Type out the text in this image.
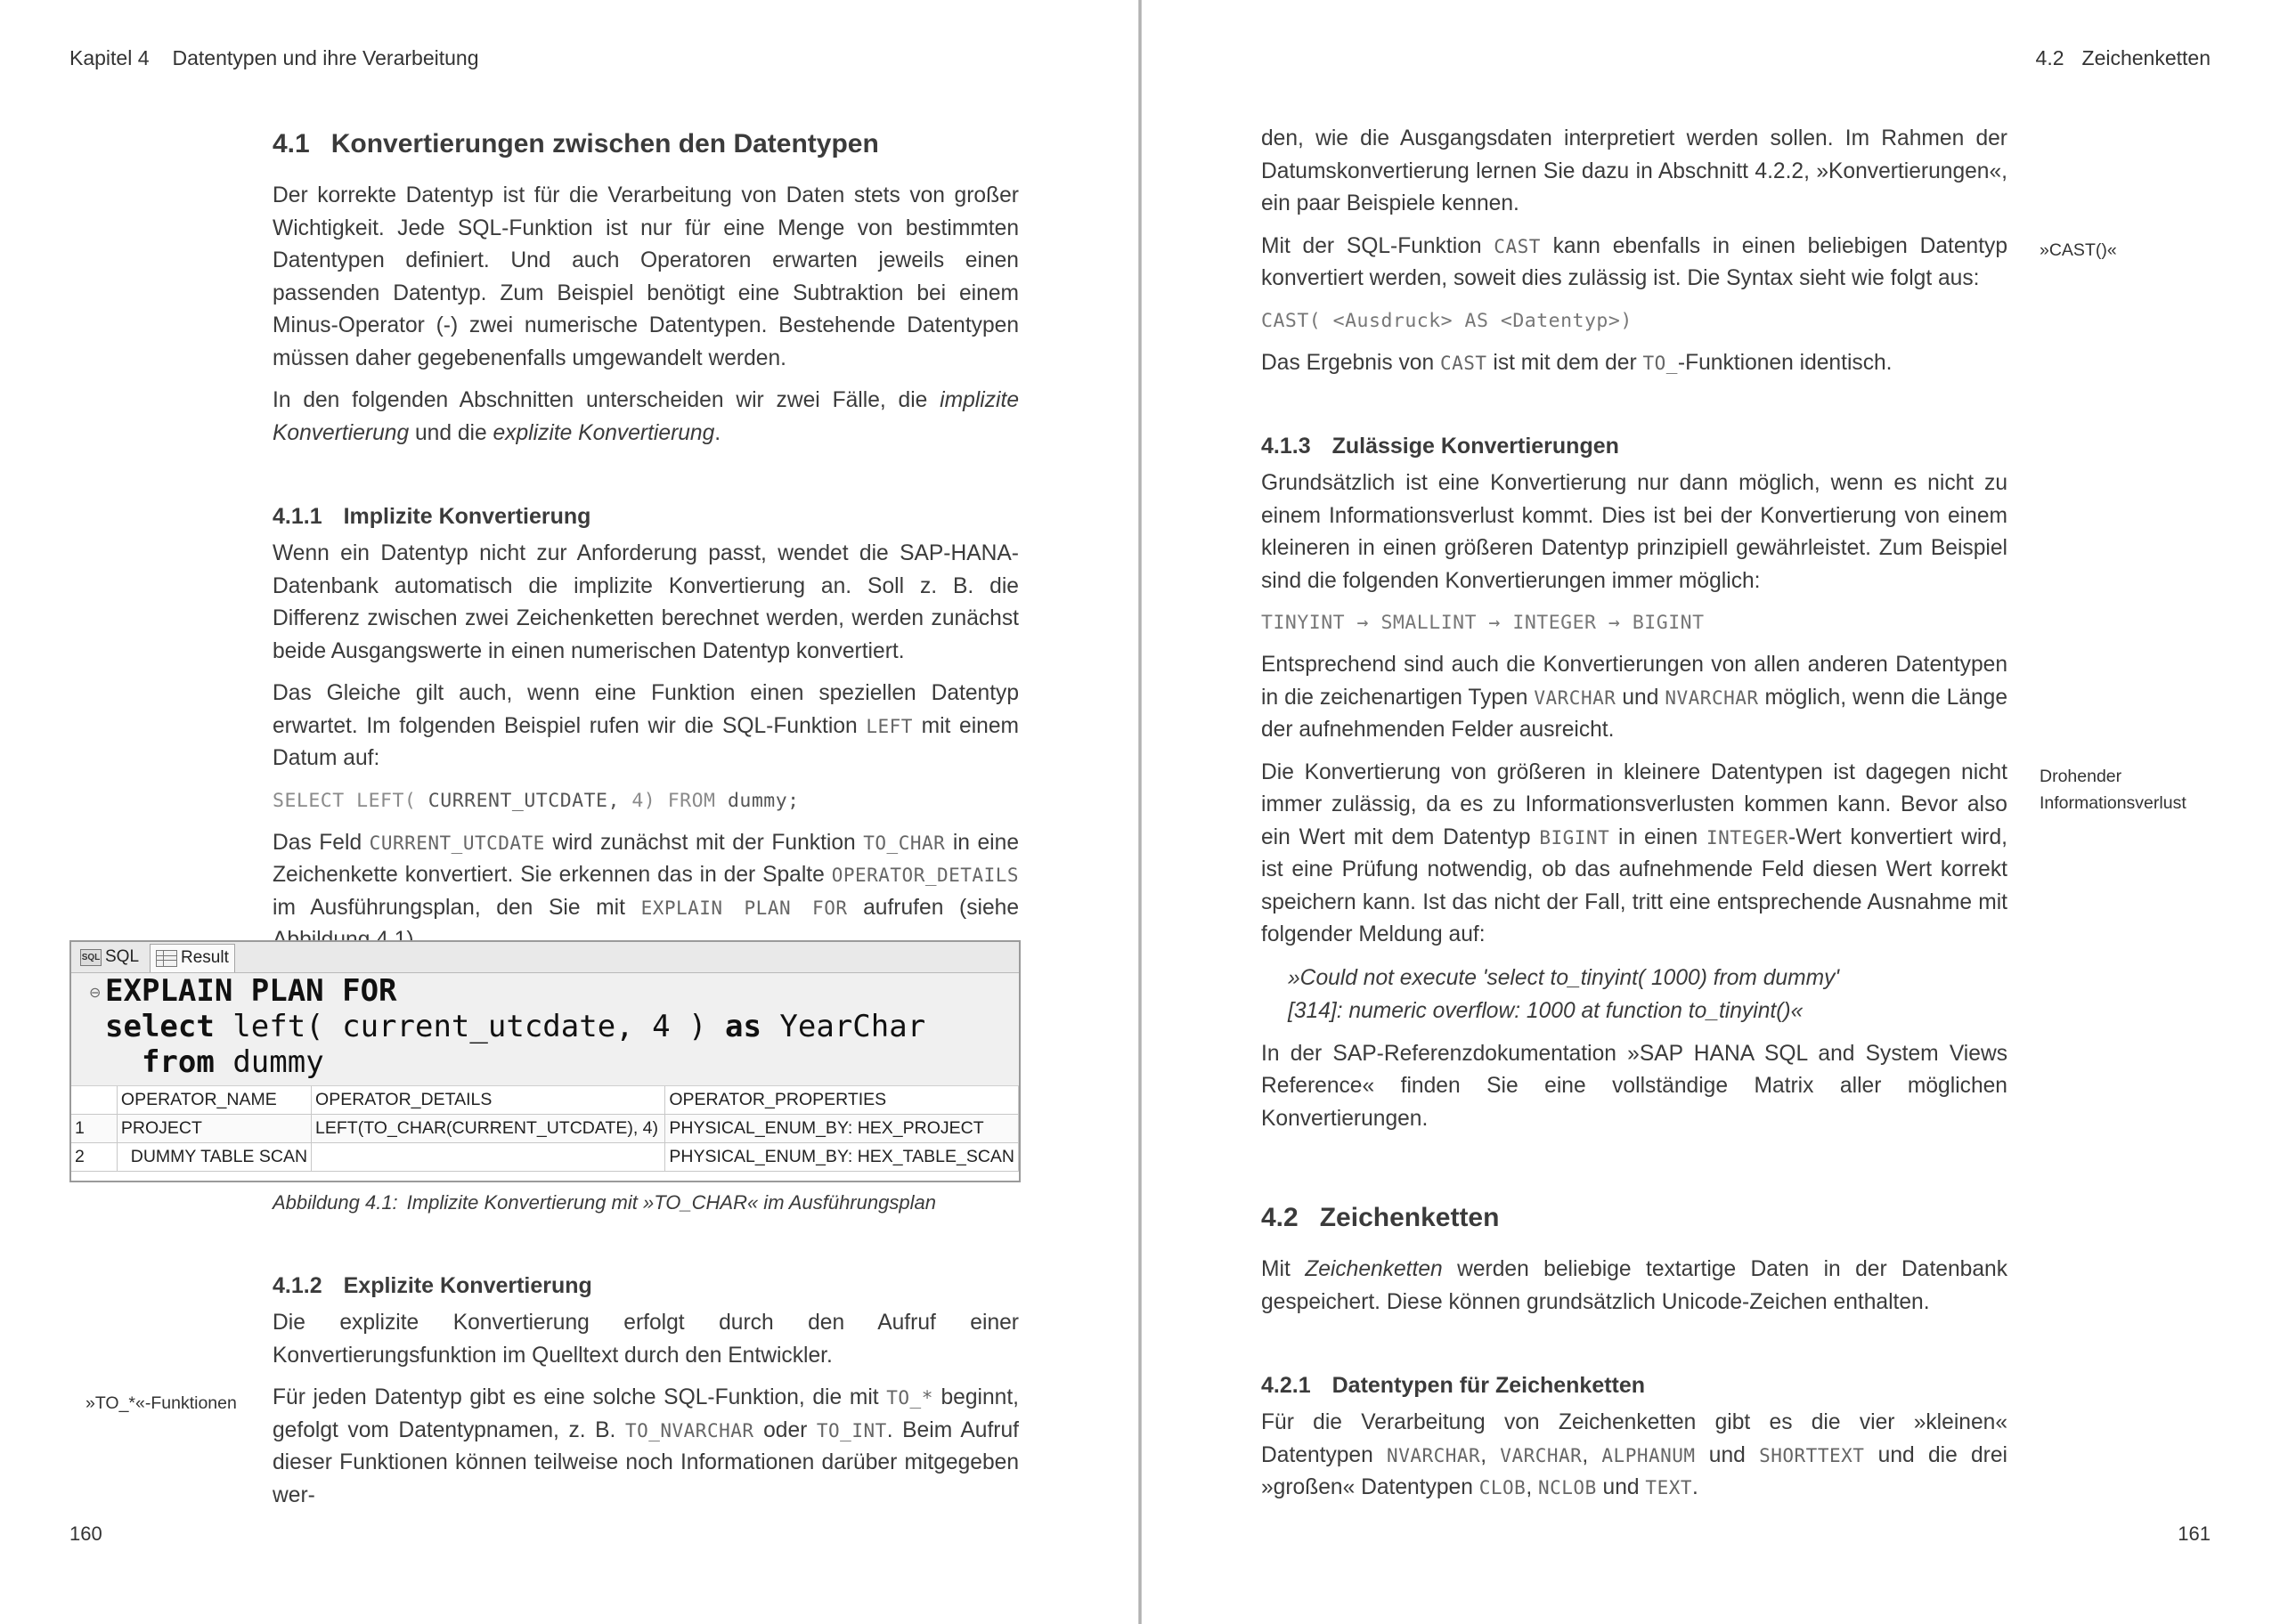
Kapitel 4 Datentypen und ihre Verarbeitung
4.1 Konvertierungen zwischen den Datentypen

Der korrekte Datentyp ist für die Verarbeitung von Daten stets von großer Wichtigkeit. Jede SQL-Funktion ist nur für eine Menge von bestimmten Datentypen definiert. Und auch Operatoren erwarten jeweils einen passenden Datentyp. Zum Beispiel benötigt eine Subtraktion bei einem Minus-Operator (-) zwei numerische Datentypen. Bestehende Datentypen müssen daher gegebenenfalls umgewandelt werden.

In den folgenden Abschnitten unterscheiden wir zwei Fälle, die implizite Konvertierung und die explizite Konvertierung.

4.1.1 Implizite Konvertierung

Wenn ein Datentyp nicht zur Anforderung passt, wendet die SAP-HANA-Datenbank automatisch die implizite Konvertierung an. Soll z. B. die Differenz zwischen zwei Zeichenketten berechnet werden, werden zunächst beide Ausgangswerte in einen numerischen Datentyp konvertiert.

Das Gleiche gilt auch, wenn eine Funktion einen speziellen Datentyp erwartet. Im folgenden Beispiel rufen wir die SQL-Funktion LEFT mit einem Datum auf:

SELECT LEFT( CURRENT_UTCDATE, 4) FROM dummy;

Das Feld CURRENT_UTCDATE wird zunächst mit der Funktion TO_CHAR in eine Zeichenkette konvertiert. Sie erkennen das in der Spalte OPERATOR_DETAILS im Ausführungsplan, den Sie mit EXPLAIN PLAN FOR aufrufen (siehe

SQL SQL	Result
⊖ EXPLAIN PLAN FOR
select left( current_utcdate, 4 ) as YearChar
from dummy
	OPERATOR_NAME	OPERATOR_DETAILS	OPERATOR_PROPERTIES
1	PROJECT	LEFT(TO_CHAR(CURRENT_UTCDATE), 4)	PHYSICAL_ENUM_BY: HEX_PROJECT
2	DUMMY TABLE SCAN		PHYSICAL_ENUM_BY: HEX_TABLE_SCAN
Abbildung 4.1: Implizite Konvertierung mit »TO_CHAR« im Ausführungsplan
4.1.2 Explizite Konvertierung

Die explizite Konvertierung erfolgt durch den Aufruf einer Konvertierungsfunktion im Quelltext durch den Entwickler.

Für jeden Datentyp gibt es eine solche SQL-Funktion, die mit TO_* beginnt, gefolgt vom Datentypnamen, z. B. TO_NVARCHAR oder TO_INT. Beim Aufruf dieser Funktionen können teilweise noch Informationen darüber mitgegeben wer-

»TO_*«-Funktionen
160
4.2 Zeichenketten

den, wie die Ausgangsdaten interpretiert werden sollen. Im Rahmen der Datumskonvertierung lernen Sie dazu in Abschnitt 4.2.2, »Konvertierungen«, ein paar Beispiele kennen.

Mit der SQL-Funktion CAST kann ebenfalls in einen beliebigen Datentyp konvertiert werden, soweit dies zulässig ist. Die Syntax sieht wie folgt aus:

CAST( <Ausdruck> AS <Datentyp>)

Das Ergebnis von CAST ist mit dem der TO_-Funktionen identisch.

4.1.3 Zulässige Konvertierungen

Grundsätzlich ist eine Konvertierung nur dann möglich, wenn es nicht zu einem Informationsverlust kommt. Dies ist bei der Konvertierung von einem kleineren in einen größeren Datentyp prinzipiell gewährleistet. Zum Beispiel sind die folgenden Konvertierungen immer möglich:

TINYINT → SMALLINT → INTEGER → BIGINT

Entsprechend sind auch die Konvertierungen von allen anderen Datentypen in die zeichenartigen Typen VARCHAR und NVARCHAR möglich, wenn die Länge der aufnehmenden Felder ausreicht.

Die Konvertierung von größeren in kleinere Datentypen ist dagegen nicht immer zulässig, da es zu Informationsverlusten kommen kann. Bevor also ein Wert mit dem Datentyp BIGINT in einen INTEGER-Wert konvertiert wird, ist eine Prüfung notwendig, ob das aufnehmende Feld diesen Wert korrekt speichern kann. Ist das nicht der Fall, tritt eine entsprechende Ausnahme mit folgender Meldung auf:

»Could not execute 'select to_tinyint( 1000) from dummy'
[314]: numeric overflow: 1000 at function to_tinyint()«

In der SAP-Referenzdokumentation »SAP HANA SQL and System Views Reference« finden Sie eine vollständige Matrix aller möglichen Konvertierungen.

4.2 Zeichenketten

Mit Zeichenketten werden beliebige textartige Daten in der Datenbank gespeichert. Diese können grundsätzlich Unicode-Zeichen enthalten.

4.2.1 Datentypen für Zeichenketten

Für die Verarbeitung von Zeichenketten gibt es die vier »kleinen« Datentypen NVARCHAR, VARCHAR, ALPHANUM und SHORTTEXT und die drei »großen« Datentypen CLOB, NCLOB und TEXT.

»CAST()«
Drohender
Informationsverlust
161
